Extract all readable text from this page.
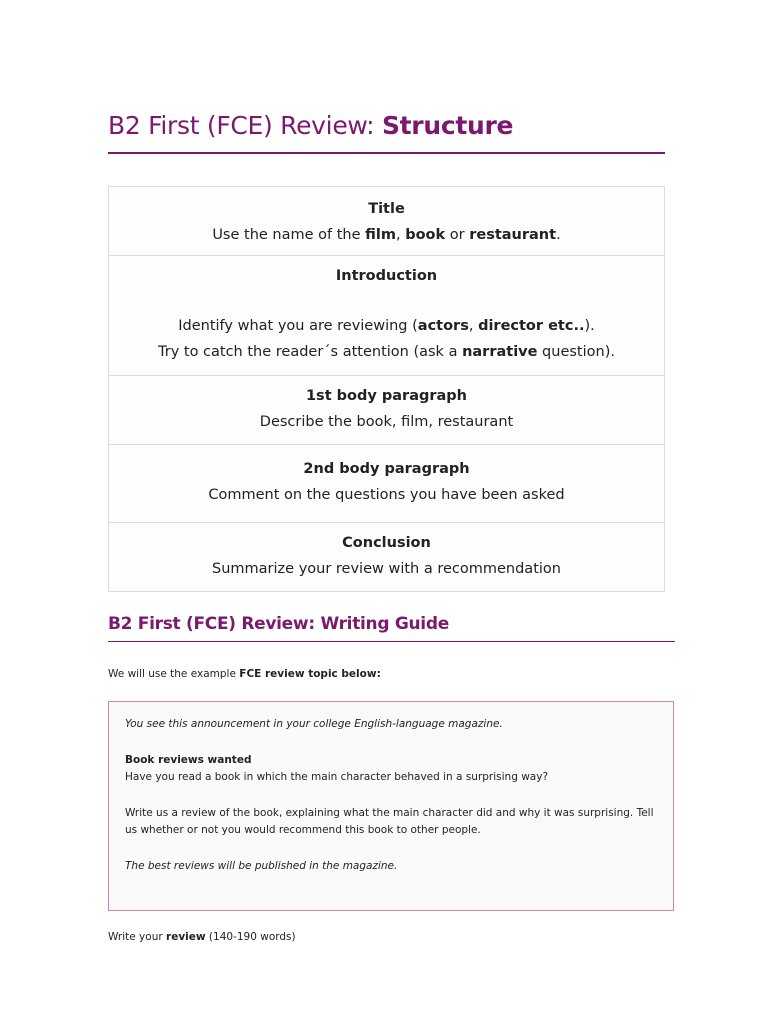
B2 First (FCE) Review: Structure
Title
Use the name of the film, book or restaurant.

Introduction
Identify what you are reviewing (actors, director etc..).
Try to catch the reader´s attention (ask a narrative question).

1st body paragraph
Describe the book, film, restaurant

2nd body paragraph
Comment on the questions you have been asked

Conclusion
Summarize your review with a recommendation
B2 First (FCE) Review: Writing Guide
We will use the example FCE review topic below:

You see this announcement in your college English-language magazine.

Book reviews wanted

Have you read a book in which the main character behaved in a surprising way?

Write us a review of the book, explaining what the main character did and why it was surprising. Tell us whether or not you would recommend this book to other people.

The best reviews will be published in the magazine.

Write your review (140-190 words)
